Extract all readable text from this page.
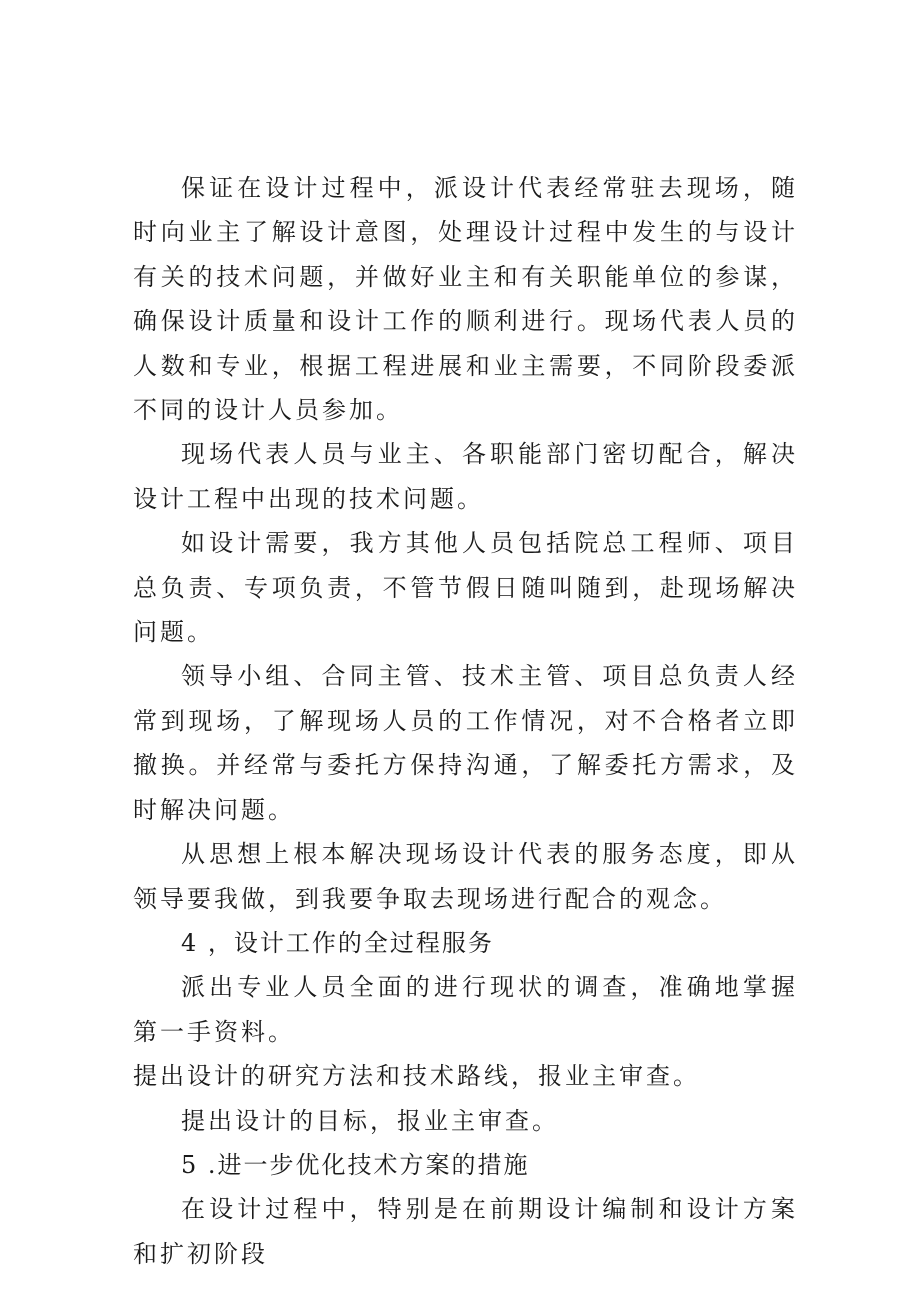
保证在设计过程中，派设计代表经常驻去现场，随时向业主了解设计意图，处理设计过程中发生的与设计有关的技术问题，并做好业主和有关职能单位的参谋，确保设计质量和设计工作的顺利进行。现场代表人员的人数和专业，根据工程进展和业主需要，不同阶段委派不同的设计人员参加。

现场代表人员与业主、各职能部门密切配合，解决设计工程中出现的技术问题。

如设计需要，我方其他人员包括院总工程师、项目总负责、专项负责，不管节假日随叫随到，赴现场解决问题。

领导小组、合同主管、技术主管、项目总负责人经常到现场，了解现场人员的工作情况，对不合格者立即撤换。并经常与委托方保持沟通，了解委托方需求，及时解决问题。

从思想上根本解决现场设计代表的服务态度，即从领导要我做，到我要争取去现场进行配合的观念。

4 ，设计工作的全过程服务

派出专业人员全面的进行现状的调查，准确地掌握第一手资料。

提出设计的研究方法和技术路线，报业主审查。

提出设计的目标，报业主审查。

5 .进一步优化技术方案的措施

在设计过程中，特别是在前期设计编制和设计方案和扩初阶段
